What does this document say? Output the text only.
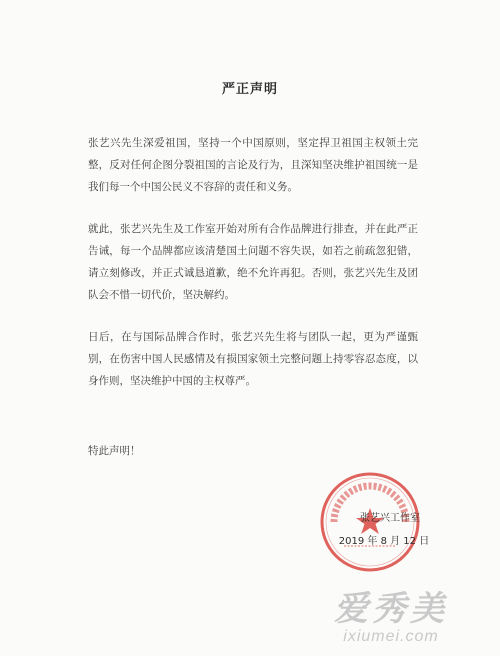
严正声明
张艺兴先生深爱祖国，坚持一个中国原则，坚定捍卫祖国主权领土完整，反对任何企图分裂祖国的言论及行为，且深知坚决维护祖国统一是我们每一个中国公民义不容辞的责任和义务。
就此，张艺兴先生及工作室开始对所有合作品牌进行排查，并在此严正告诫，每一个品牌都应该清楚国土问题不容失误，如若之前疏忽犯错，请立刻修改，并正式诚恳道歉，绝不允许再犯。否则，张艺兴先生及团队会不惜一切代价，坚决解约。
日后，在与国际品牌合作时，张艺兴先生将与团队一起，更为严谨甄别，在伤害中国人民感情及有损国家领土完整问题上持零容忍态度，以身作则，坚决维护中国的主权尊严。
特此声明！
张艺兴工作室
2019 年 8 月 12 日
爱秀美
ixiumei.com
